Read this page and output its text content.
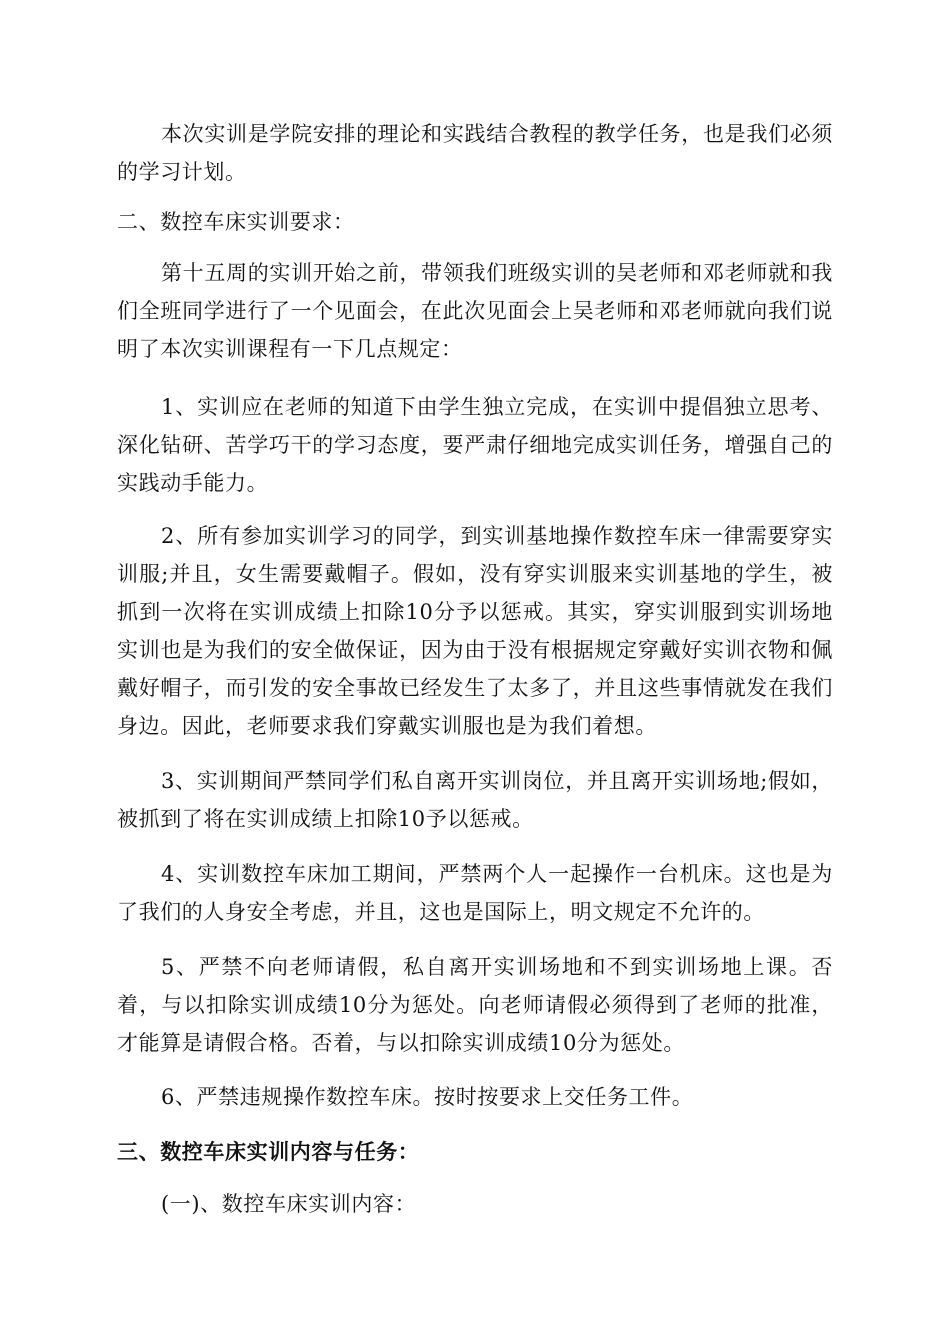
本次实训是学院安排的理论和实践结合教程的教学任务，也是我们必须的学习计划。

二、数控车床实训要求：

第十五周的实训开始之前，带领我们班级实训的吴老师和邓老师就和我们全班同学进行了一个见面会，在此次见面会上吴老师和邓老师就向我们说明了本次实训课程有一下几点规定：

1、实训应在老师的知道下由学生独立完成，在实训中提倡独立思考、深化钻研、苦学巧干的学习态度，要严肃仔细地完成实训任务，增强自己的实践动手能力。

2、所有参加实训学习的同学，到实训基地操作数控车床一律需要穿实训服;并且，女生需要戴帽子。假如，没有穿实训服来实训基地的学生，被抓到一次将在实训成绩上扣除10分予以惩戒。其实，穿实训服到实训场地实训也是为我们的安全做保证，因为由于没有根据规定穿戴好实训衣物和佩戴好帽子，而引发的安全事故已经发生了太多了，并且这些事情就发在我们身边。因此，老师要求我们穿戴实训服也是为我们着想。

3、实训期间严禁同学们私自离开实训岗位，并且离开实训场地;假如，被抓到了将在实训成绩上扣除10予以惩戒。

4、实训数控车床加工期间，严禁两个人一起操作一台机床。这也是为了我们的人身安全考虑，并且，这也是国际上，明文规定不允许的。

5、严禁不向老师请假，私自离开实训场地和不到实训场地上课。否着，与以扣除实训成绩10分为惩处。向老师请假必须得到了老师的批准，才能算是请假合格。否着，与以扣除实训成绩10分为惩处。

6、严禁违规操作数控车床。按时按要求上交任务工件。

三、数控车床实训内容与任务：

(一)、数控车床实训内容：
